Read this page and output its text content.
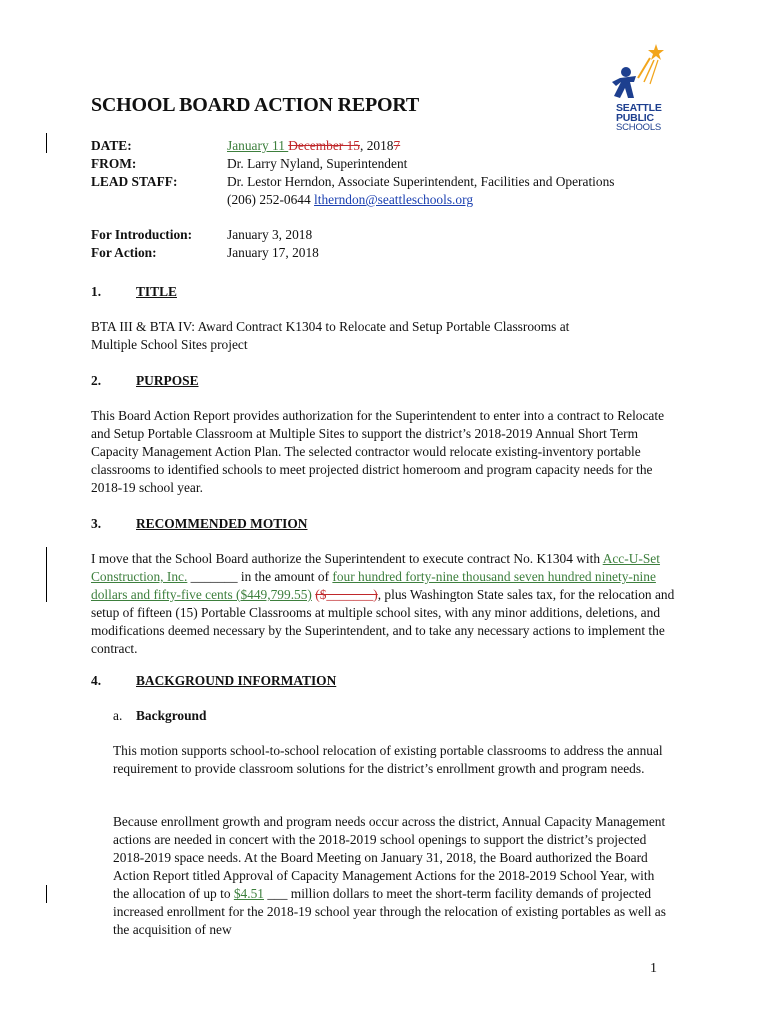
SEATTLE
PUBLIC
SCHOOLS
SCHOOL BOARD ACTION REPORT
DATE:	January 11 December 15, 20187
FROM:	Dr. Larry Nyland, Superintendent
LEAD STAFF:	Dr. Lestor Herndon, Associate Superintendent, Facilities and Operations
(206) 252-0644 ltherndon@seattleschools.org
For Introduction:	January 3, 2018
For Action:	January 17, 2018
1.	TITLE
BTA III & BTA IV: Award Contract K1304 to Relocate and Setup Portable Classrooms at
Multiple School Sites project
2.	PURPOSE
This Board Action Report provides authorization for the Superintendent to enter into a contract to Relocate and Setup Portable Classroom at Multiple Sites to support the district’s 2018-2019 Annual Short Term Capacity Management Action Plan. The selected contractor would relocate existing-inventory portable classrooms to identified schools to meet projected district homeroom and program capacity needs for the 2018-19 school year.
3.	RECOMMENDED MOTION
I move that the School Board authorize the Superintendent to execute contract No. K1304 with Acc-U-Set Construction, Inc. _______ in the amount of four hundred forty-nine thousand seven hundred ninety-nine dollars and fifty-five cents ($449,799.55) ($_______), plus Washington State sales tax, for the relocation and setup of fifteen (15) Portable Classrooms at multiple school sites, with any minor additions, deletions, and modifications deemed necessary by the Superintendent, and to take any necessary actions to implement the contract.
4.	BACKGROUND INFORMATION
a. Background
This motion supports school-to-school relocation of existing portable classrooms to address the annual requirement to provide classroom solutions for the district’s enrollment growth and program needs.
Because enrollment growth and program needs occur across the district, Annual Capacity Management actions are needed in concert with the 2018-2019 school openings to support the district’s projected 2018-2019 space needs. At the Board Meeting on January 31, 2018, the Board authorized the Board Action Report titled Approval of Capacity Management Actions for the 2018-2019 School Year, with the allocation of up to $4.51 ___ million dollars to meet the short-term facility demands of projected increased enrollment for the 2018-19 school year through the relocation of existing portables as well as the acquisition of new
1
